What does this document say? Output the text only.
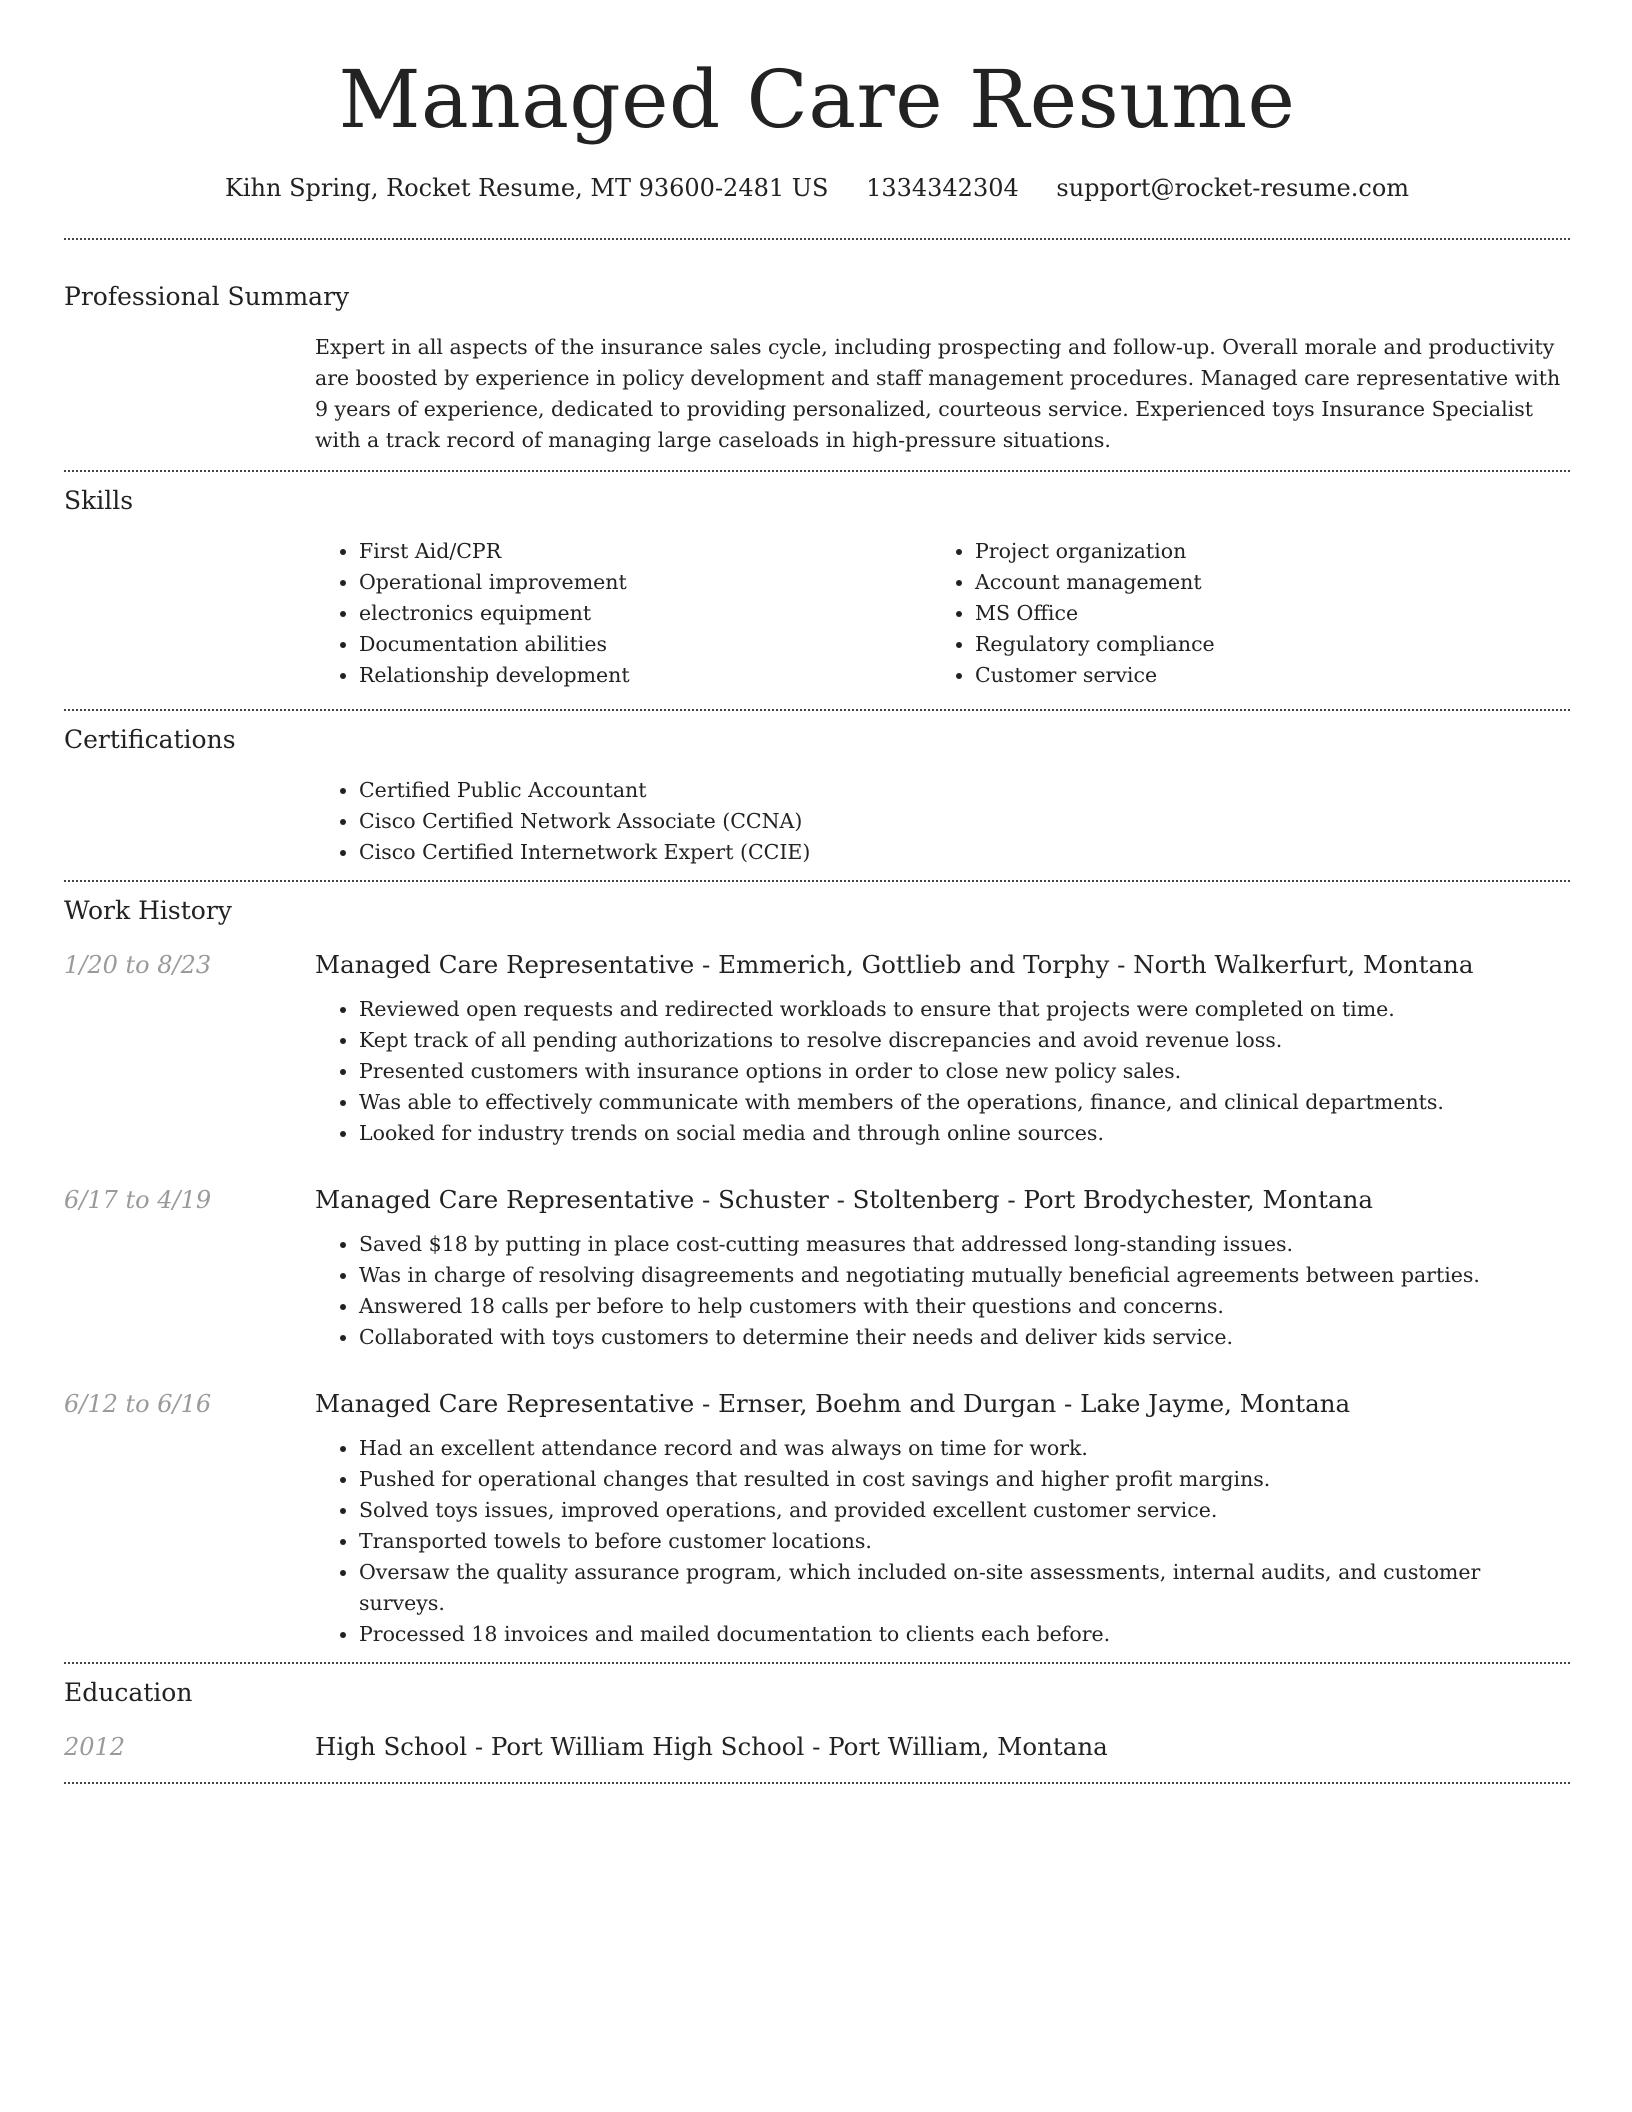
Managed Care Resume
Kihn Spring, Rocket Resume, MT 93600-2481 US 1334342304 support@rocket-resume.com
Professional Summary

Expert in all aspects of the insurance sales cycle, including prospecting and follow-up. Overall morale and productivity are boosted by experience in policy development and staff management procedures. Managed care representative with 9 years of experience, dedicated to providing personalized, courteous service. Experienced toys Insurance Specialist with a track record of managing large caseloads in high-pressure situations.

Skills
• First Aid/CPR
• Operational improvement
• electronics equipment
• Documentation abilities
• Relationship development
• Project organization
• Account management
• MS Office
• Regulatory compliance
• Customer service
Certifications
• Certified Public Accountant
• Cisco Certified Network Associate (CCNA)
• Cisco Certified Internetwork Expert (CCIE)
Work History
1/20 to 8/23	Managed Care Representative - Emmerich, Gottlieb and Torphy - North Walkerfurt, Montana
• Reviewed open requests and redirected workloads to ensure that projects were completed on time.
• Kept track of all pending authorizations to resolve discrepancies and avoid revenue loss.
• Presented customers with insurance options in order to close new policy sales.
• Was able to effectively communicate with members of the operations, finance, and clinical departments.
• Looked for industry trends on social media and through online sources.
6/17 to 4/19	Managed Care Representative - Schuster - Stoltenberg - Port Brodychester, Montana
• Saved $18 by putting in place cost-cutting measures that addressed long-standing issues.
• Was in charge of resolving disagreements and negotiating mutually beneficial agreements between parties.
• Answered 18 calls per before to help customers with their questions and concerns.
• Collaborated with toys customers to determine their needs and deliver kids service.
6/12 to 6/16	Managed Care Representative - Ernser, Boehm and Durgan - Lake Jayme, Montana
• Had an excellent attendance record and was always on time for work.
• Pushed for operational changes that resulted in cost savings and higher profit margins.
• Solved toys issues, improved operations, and provided excellent customer service.
• Transported towels to before customer locations.
• Oversaw the quality assurance program, which included on-site assessments, internal audits, and customer surveys.
• Processed 18 invoices and mailed documentation to clients each before.
Education
2012	High School - Port William High School - Port William, Montana
